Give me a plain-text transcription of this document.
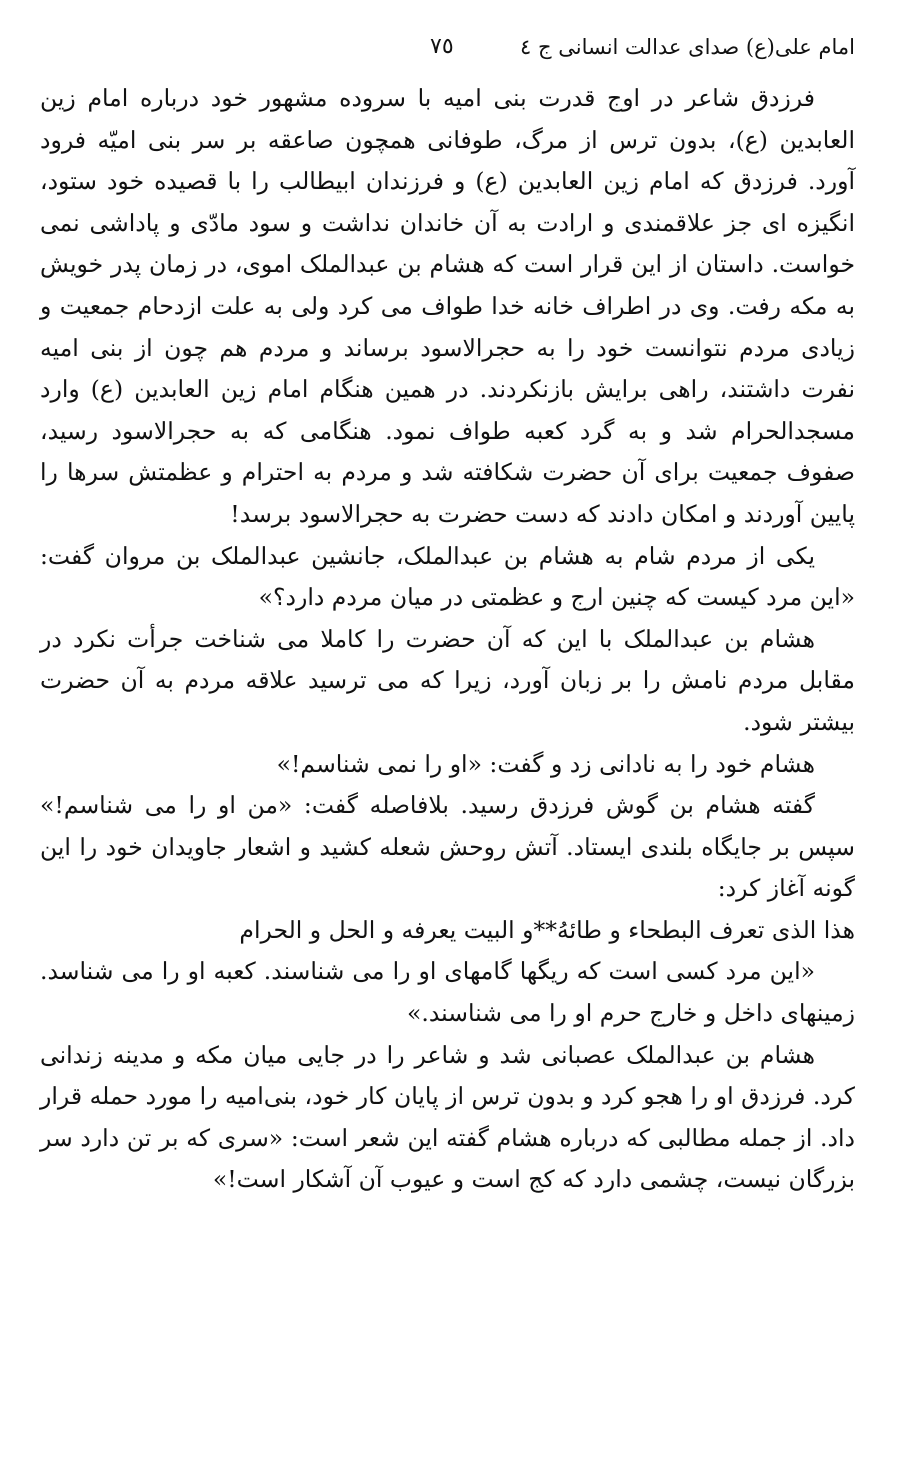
امام علی(ع) صدای عدالت انسانی ج ٤
٧٥

فرزدق شاعر در اوج قدرت بنی امیه با سروده مشهور خود درباره امام زین العابدین (ع)، بدون ترس از مرگ، طوفانی همچون صاعقه بر سر بنی امیّه فرود آورد. فرزدق که امام زین العابدین (ع) و فرزندان ابیطالب را با قصیده خود ستود، انگیزه ای جز علاقمندی و ارادت به آن خاندان نداشت و سود مادّی و پاداشی نمی خواست. داستان از این قرار است که هشام بن عبدالملک اموی، در زمان پدر خویش به مکه رفت. وی در اطراف خانه خدا طواف می کرد ولی به علت ازدحام جمعیت و زیادی مردم نتوانست خود را به حجرالاسود برساند و مردم هم چون از بنی امیه نفرت داشتند، راهی برایش بازنکردند. در همین هنگام امام زین العابدین (ع) وارد مسجدالحرام شد و به گرد کعبه طواف نمود. هنگامی که به حجرالاسود رسید، صفوف جمعیت برای آن حضرت شکافته شد و مردم به احترام و عظمتش سرها را پایین آوردند و امکان دادند که دست حضرت به حجرالاسود برسد!

یکی از مردم شام به هشام بن عبدالملک، جانشین عبدالملک بن مروان گفت: «این مرد کیست که چنین ارج و عظمتی در میان مردم دارد؟»

هشام بن عبدالملک با این که آن حضرت را کاملا می شناخت جرأت نکرد در مقابل مردم نامش را بر زبان آورد، زیرا که می ترسید علاقه مردم به آن حضرت بیشتر شود.

هشام خود را به نادانی زد و گفت: «او را نمی شناسم!»

گفته هشام بن گوش فرزدق رسید. بلافاصله گفت: «من او را می شناسم!» سپس بر جایگاه بلندی ایستاد. آتش روحش شعله کشید و اشعار جاویدان خود را این گونه آغاز کرد:

هذا الذی تعرف البطحاء و طائهُ**و البیت یعرفه و الحل و الحرام

«این مرد کسی است که ریگها گامهای او را می شناسند. کعبه او را می شناسد. زمینهای داخل و خارج حرم او را می شناسند.»

هشام بن عبدالملک عصبانی شد و شاعر را در جایی میان مکه و مدینه زندانی کرد. فرزدق او را هجو کرد و بدون ترس از پایان کار خود، بنی‌امیه را مورد حمله قرار داد. از جمله مطالبی که درباره هشام گفته این شعر است: «سری که بر تن دارد سر بزرگان نیست، چشمی دارد که کج است و عیوب آن آشکار است!»
